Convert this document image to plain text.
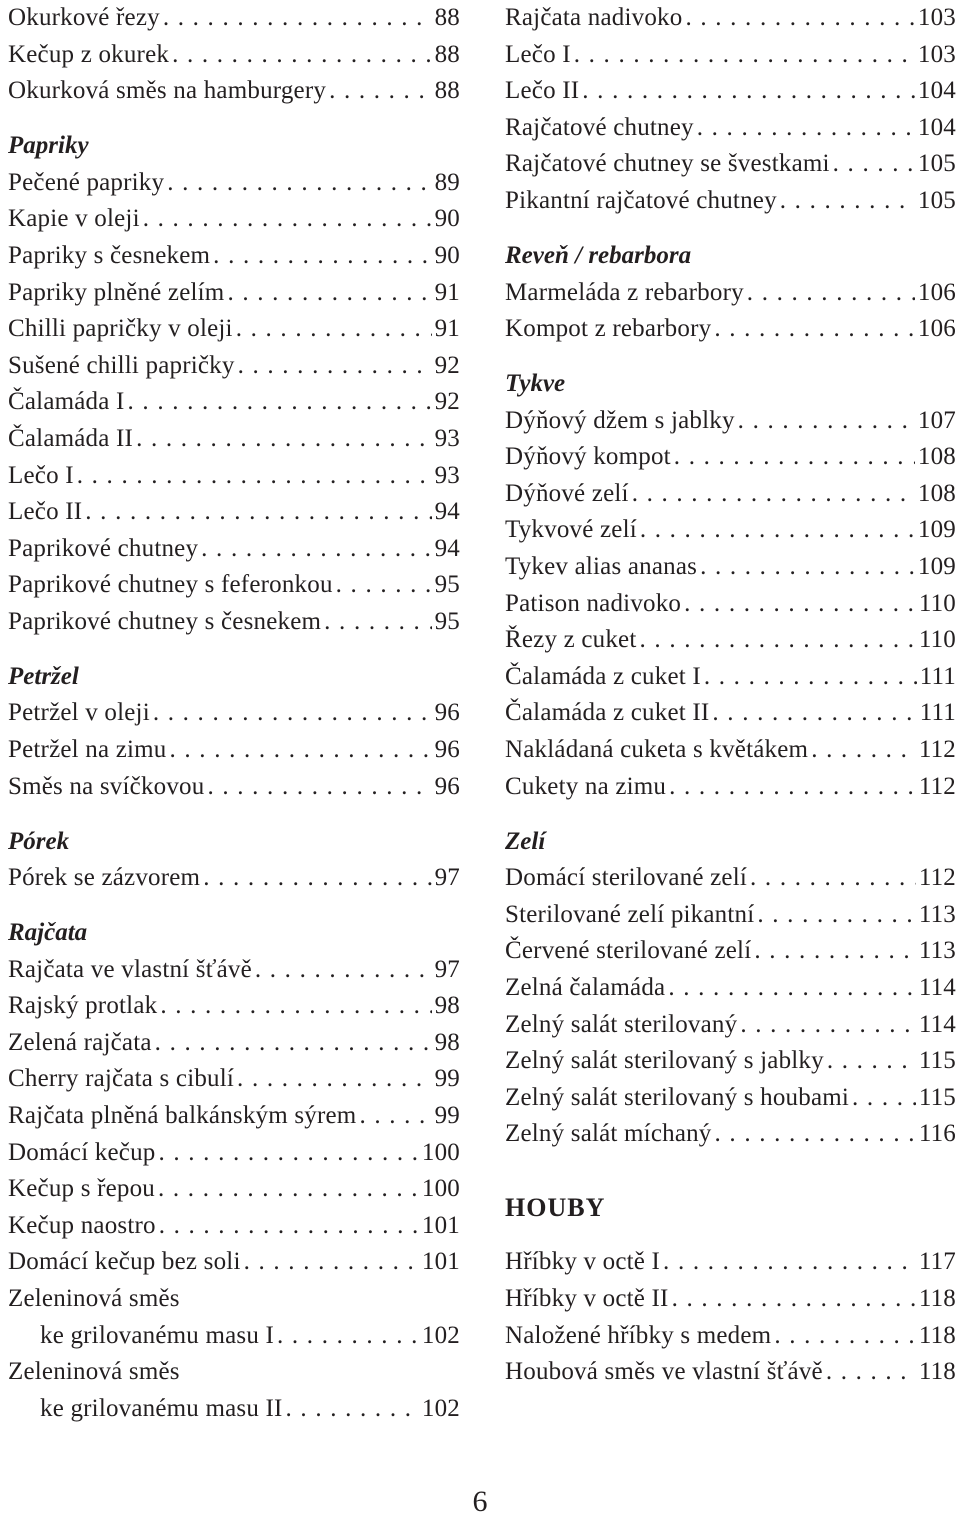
Okurkové řezy . . .	88
Kečup z okurek . . .	88
Okurková směs na hamburgery . . .	88
Papriky
Pečené papriky . . .	89
Kapie v oleji . . .	90
Papriky s česnekem . . .	90
Papriky plněné zelím . . .	91
Chilli papričky v oleji . . .	91
Sušené chilli papričky . . .	92
Čalamáda I . . .	92
Čalamáda II . . .	93
Lečo I . . .	93
Lečo II . . .	94
Paprikové chutney . . .	94
Paprikové chutney s feferonkou . . .	95
Paprikové chutney s česnekem . . .	95
Petržel
Petržel v oleji . . .	96
Petržel na zimu . . .	96
Směs na svíčkovou . . .	96
Pórek
Pórek se zázvorem . . .	97
Rajčata
Rajčata ve vlastní šťávě . . .	97
Rajský protlak . . .	98
Zelená rajčata . . .	98
Cherry rajčata s cibulí . . .	99
Rajčata plněná balkánským sýrem . . .	99
Domácí kečup . . .	100
Kečup s řepou . . .	100
Kečup naostro . . .	101
Domácí kečup bez soli . . .	101
Zeleninová směs
ke grilovanému masu I . . .	102
Zeleninová směs
ke grilovanému masu II . . .	102
Rajčata nadivoko . . .	103
Lečo I . . .	103
Lečo II . . .	104
Rajčatové chutney . . .	104
Rajčatové chutney se švestkami . . .	105
Pikantní rajčatové chutney . . .	105
Reveň / rebarbora
Marmeláda z rebarbory . . .	106
Kompot z rebarbory . . .	106
Tykve
Dýňový džem s jablky . . .	107
Dýňový kompot . . .	108
Dýňové zelí . . .	108
Tykvové zelí . . .	109
Tykev alias ananas . . .	109
Patison nadivoko . . .	110
Řezy z cuket . . .	110
Čalamáda z cuket I . . .	111
Čalamáda z cuket II . . .	111
Nakládaná cuketa s květákem . . .	112
Cukety na zimu . . .	112
Zelí
Domácí sterilované zelí . . .	112
Sterilované zelí pikantní . . .	113
Červené sterilované zelí . . .	113
Zelná čalamáda . . .	114
Zelný salát sterilovaný . . .	114
Zelný salát sterilovaný s jablky . . .	115
Zelný salát sterilovaný s houbami . . .	115
Zelný salát míchaný . . .	116
HOUBY
Hříbky v octě I . . .	117
Hříbky v octě II . . .	118
Naložené hříbky s medem . . .	118
Houbová směs ve vlastní šťávě . . .	118
6
